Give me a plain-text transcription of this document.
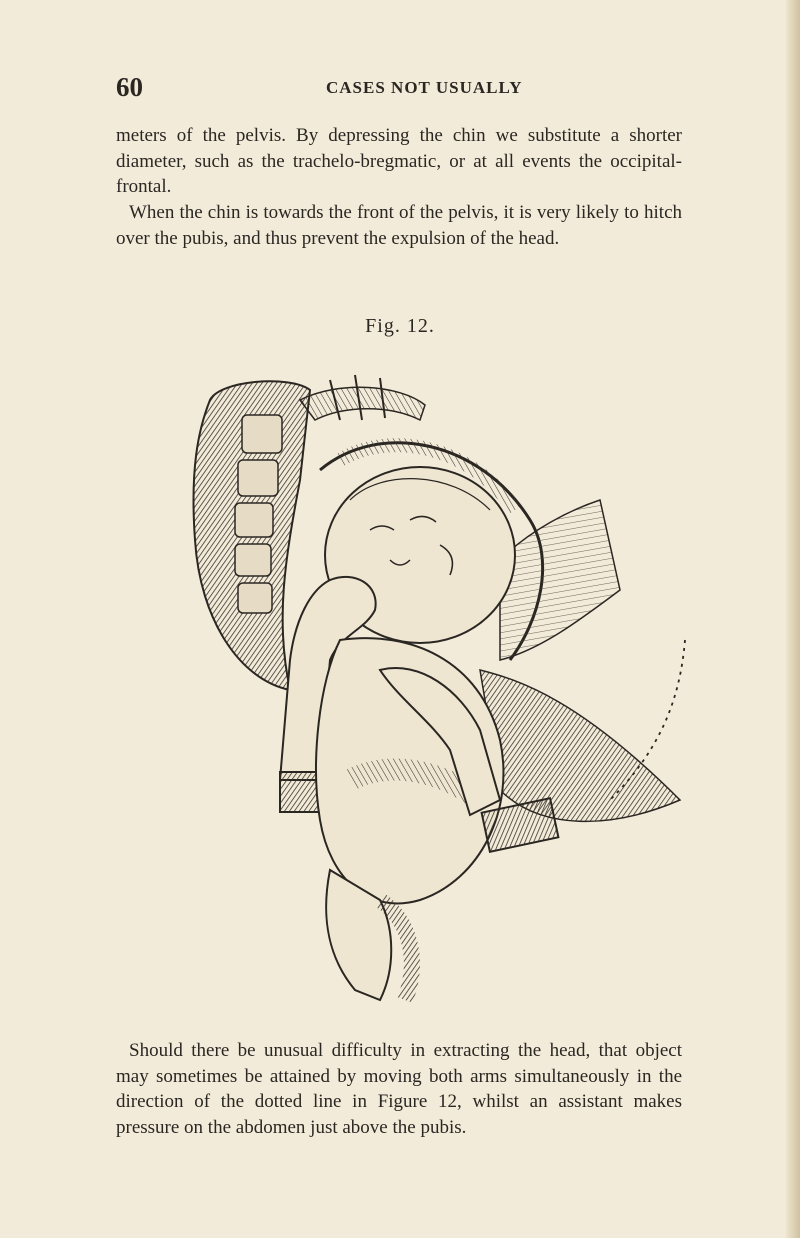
60	CASES NOT USUALLY

meters of the pelvis. By depressing the chin we substitute a shorter diameter, such as the trachelo-bregmatic, or at all events the occipital-frontal.

When the chin is towards the front of the pelvis, it is very likely to hitch over the pubis, and thus prevent the expulsion of the head.

Fig. 12.

Should there be unusual difficulty in extracting the head, that object may sometimes be attained by moving both arms simultaneously in the direction of the dotted line in Figure 12, whilst an assistant makes pressure on the abdomen just above the pubis.
